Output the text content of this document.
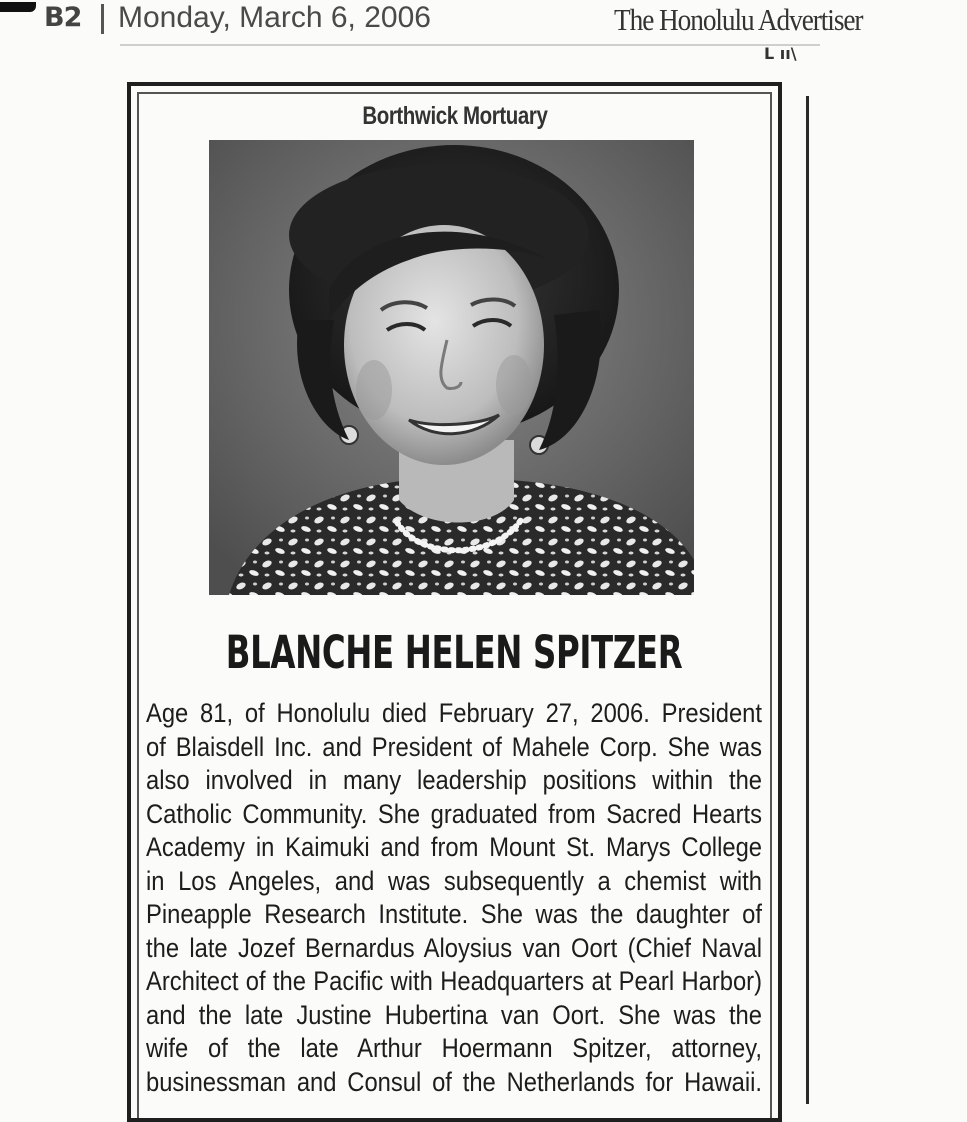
B2 Monday, March 6, 2006	The Honolulu Advertiser
L ıı\
Borthwick Mortuary
BLANCHE HELEN SPITZER
Age 81, of Honolulu died February 27, 2006. President
of Blaisdell Inc. and President of Mahele Corp. She was
also involved in many leadership positions within the
Catholic Community. She graduated from Sacred Hearts
Academy in Kaimuki and from Mount St. Marys College
in Los Angeles, and was subsequently a chemist with
Pineapple Research Institute. She was the daughter of
the late Jozef Bernardus Aloysius van Oort (Chief Naval
Architect of the Pacific with Headquarters at Pearl Harbor)
and the late Justine Hubertina van Oort. She was the
wife of the late Arthur Hoermann Spitzer, attorney,
businessman and Consul of the Netherlands for Hawaii.
